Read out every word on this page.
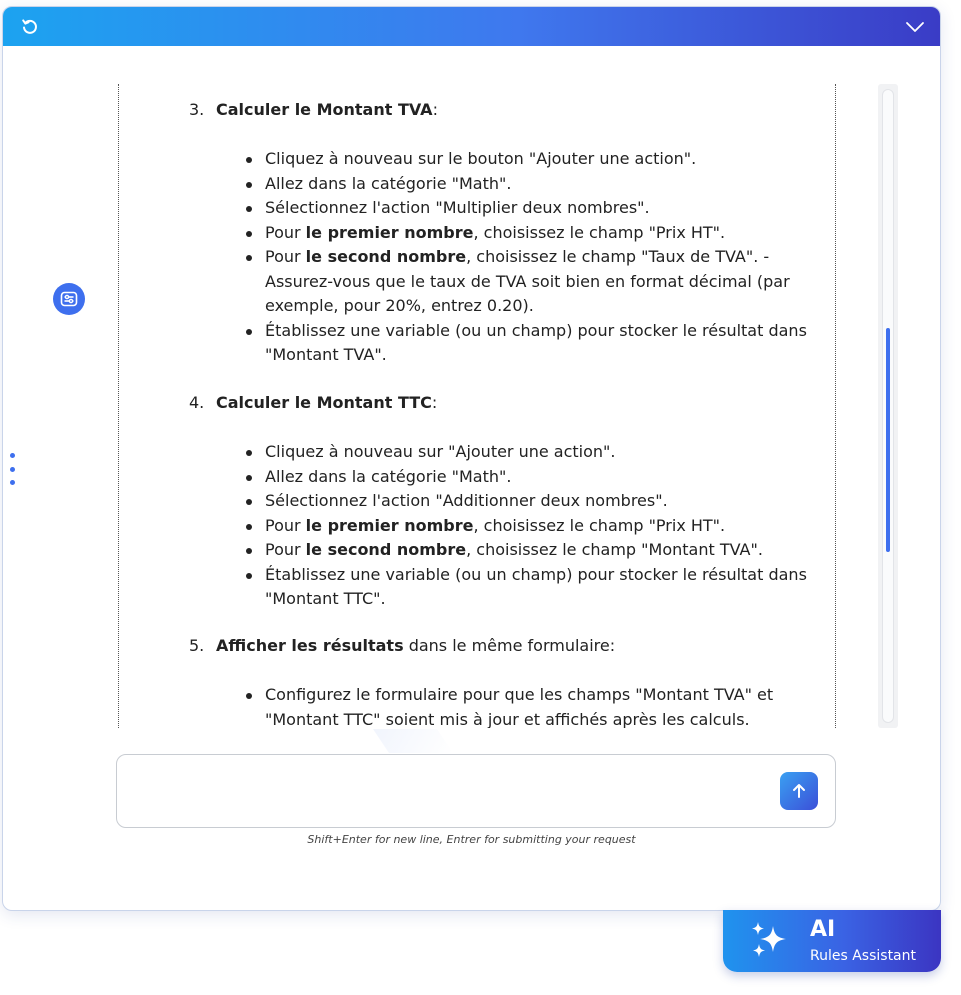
3. Calculer le Montant TVA:
Cliquez à nouveau sur le bouton "Ajouter une action".
Allez dans la catégorie "Math".
Sélectionnez l'action "Multiplier deux nombres".
Pour le premier nombre, choisissez le champ "Prix HT".
Pour le second nombre, choisissez le champ "Taux de TVA". - Assurez-vous que le taux de TVA soit bien en format décimal (par exemple, pour 20%, entrez 0.20).
Établissez une variable (ou un champ) pour stocker le résultat dans "Montant TVA".
4. Calculer le Montant TTC:
Cliquez à nouveau sur "Ajouter une action".
Allez dans la catégorie "Math".
Sélectionnez l'action "Additionner deux nombres".
Pour le premier nombre, choisissez le champ "Prix HT".
Pour le second nombre, choisissez le champ "Montant TVA".
Établissez une variable (ou un champ) pour stocker le résultat dans "Montant TTC".
5. Afficher les résultats dans le même formulaire:
Configurez le formulaire pour que les champs "Montant TVA" et "Montant TTC" soient mis à jour et affichés après les calculs.
Shift+Enter for new line, Entrer for submitting your request
AI
Rules Assistant
